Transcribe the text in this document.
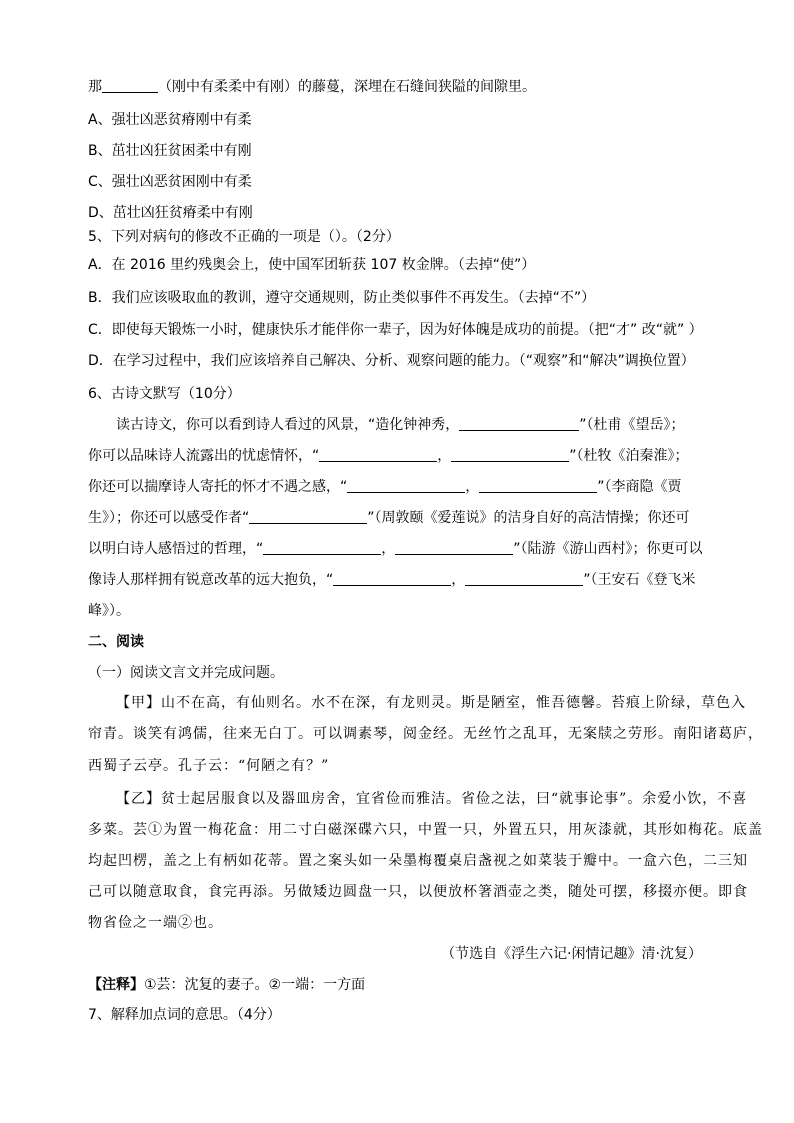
那	（刚中有柔柔中有刚）的藤蔓，深埋在石缝间狭隘的间隙里。
A、强壮凶恶贫瘠刚中有柔
B、茁壮凶狂贫困柔中有刚
C、强壮凶恶贫困刚中有柔
D、茁壮凶狂贫瘠柔中有刚
5、下列对病句的修改不正确的一项是（）。（2分）
A．在 2016 里约残奥会上，使中国军团斩获 107 枚金牌。（去掉“使”）
B．我们应该吸取血的教训，遵守交通规则，防止类似事件不再发生。（去掉“不”）
C．即使每天锻炼一小时，健康快乐才能伴你一辈子，因为好体魄是成功的前提。（把“才” 改“就” ）
D．在学习过程中，我们应该培养自己解决、分析、观察问题的能力。（“观察”和“解决”调换位置）
6、古诗文默写（10分）
读古诗文，你可以看到诗人看过的风景，“造化钟神秀，	”（杜甫《望岳》；
你可以品味诗人流露出的忧虑情怀，“	，	”（杜牧《泊秦淮》；
你还可以揣摩诗人寄托的怀才不遇之感，“	，	”（李商隐《贾
生》）；你还可以感受作者“	”（周敦颐《爱莲说》的洁身自好的高洁情操；你还可
以明白诗人感悟过的哲理，“	，	”（陆游《游山西村》；你更可以
像诗人那样拥有锐意改革的远大抱负，“	，	”（王安石《登飞米
峰》）。
二、阅读
（一）阅读文言文并完成问题。
【甲】山不在高，有仙则名。水不在深，有龙则灵。斯是陋室，惟吾德馨。苔痕上阶绿，草色入
帘青。谈笑有鸿儒，往来无白丁。可以调素琴，阅金经。无丝竹之乱耳，无案牍之劳形。南阳诸葛庐，
西蜀子云亭。孔子云：“何陋之有？”
【乙】贫士起居服食以及器皿房舍，宜省俭而雅洁。省俭之法，曰“就事论事”。余爱小饮，不喜
多菜。芸①为置一梅花盒：用二寸白磁深碟六只，中置一只，外置五只，用灰漆就，其形如梅花。底盖
均起凹楞，盖之上有柄如花蒂。置之案头如一朵墨梅覆桌启盏视之如菜装于瓣中。一盒六色，二三知
己可以随意取食，食完再添。另做矮边圆盘一只，以便放杯箸酒壶之类，随处可摆，移掇亦便。即食
物省俭之一端②也。
（节选自《浮生六记·闲情记趣》清·沈复）
【注释】①芸：沈复的妻子。②一端：一方面
7、解释加点词的意思。（4分）
